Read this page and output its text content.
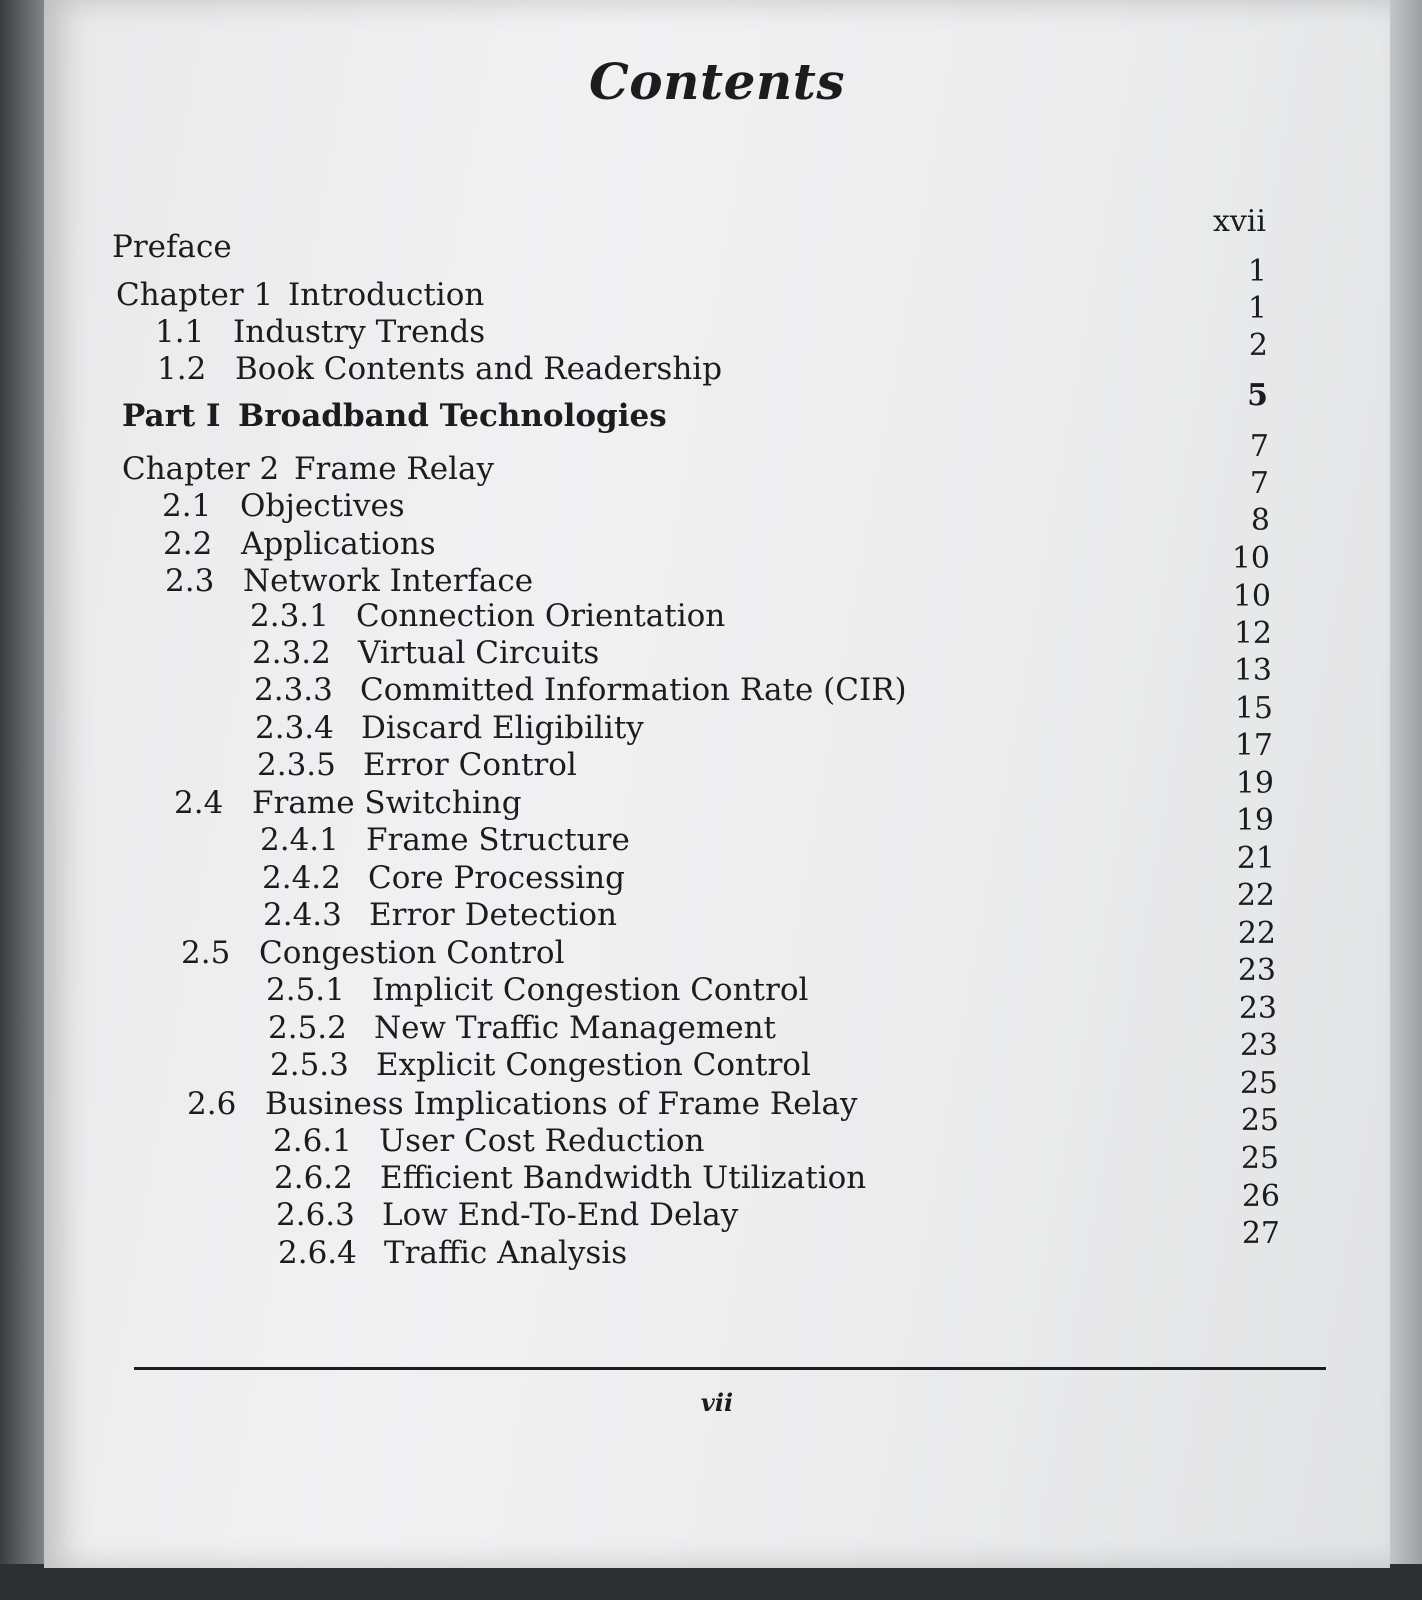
Contents
Preface
xvii
Chapter 1 Introduction
1
1.1 Industry Trends
1
1.2 Book Contents and Readership
2
Part I Broadband Technologies
5
Chapter 2 Frame Relay
7
2.1 Objectives
7
2.2 Applications
8
2.3 Network Interface
10
2.3.1 Connection Orientation
10
2.3.2 Virtual Circuits
12
2.3.3 Committed Information Rate (CIR)
13
2.3.4 Discard Eligibility
15
2.3.5 Error Control
17
2.4 Frame Switching
19
2.4.1 Frame Structure
19
2.4.2 Core Processing
21
2.4.3 Error Detection
22
2.5 Congestion Control
22
2.5.1 Implicit Congestion Control
23
2.5.2 New Traffic Management
23
2.5.3 Explicit Congestion Control
23
2.6 Business Implications of Frame Relay
25
2.6.1 User Cost Reduction
25
2.6.2 Efficient Bandwidth Utilization
25
2.6.3 Low End-To-End Delay
26
2.6.4 Traffic Analysis
27
vii
